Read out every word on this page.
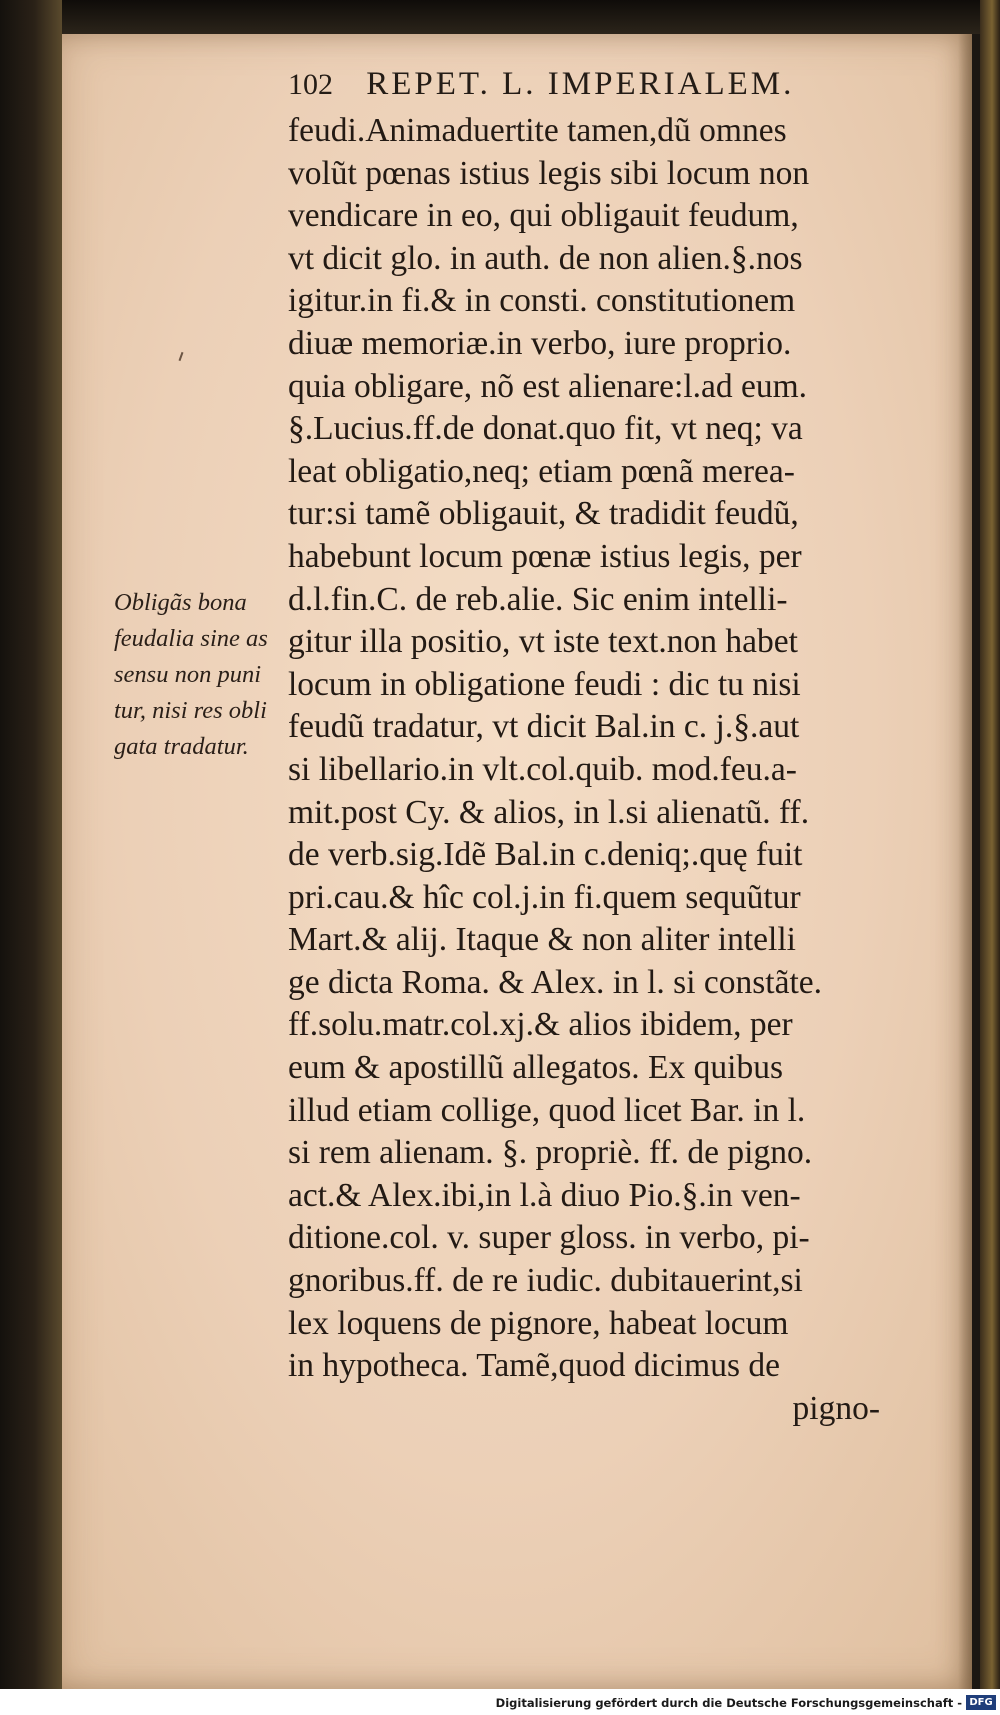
102 REPET. L. IMPERIALEM.
feudi.Animaduertite tamen,dũ omnes
volũt pœnas istius legis sibi locum non
vendicare in eo, qui obligauit feudum,
vt dicit glo. in auth. de non alien.§.nos
igitur.in fi.& in consti. constitutionem
diuæ memoriæ.in verbo, iure proprio.
quia obligare, nõ est alienare:l.ad eum.
§.Lucius.ff.de donat.quo fit, vt neq; va
leat obligatio,neq; etiam pœnã merea-
tur:si tamẽ obligauit, & tradidit feudũ,
habebunt locum pœnæ istius legis, per
d.l.fin.C. de reb.alie. Sic enim intelli-
gitur illa positio, vt iste text.non habet
locum in obligatione feudi : dic tu nisi
feudũ tradatur, vt dicit Bal.in c. j.§.aut
si libellario.in vlt.col.quib. mod.feu.a-
mit.post Cy. & alios, in l.si alienatũ. ff.
de verb.sig.Idẽ Bal.in c.deniq;.quę fuit
pri.cau.& hîc col.j.in fi.quem sequũtur
Mart.& alij. Itaque & non aliter intelli
ge dicta Roma. & Alex. in l. si constãte.
ff.solu.matr.col.xj.& alios ibidem, per
eum & apostillũ allegatos. Ex quibus
illud etiam collige, quod licet Bar. in l.
si rem alienam. §. propriè. ff. de pigno.
act.& Alex.ibi,in l.à diuo Pio.§.in ven-
ditione.col. v. super gloss. in verbo, pi-
gnoribus.ff. de re iudic. dubitauerint,si
lex loquens de pignore, habeat locum
in hypotheca. Tamẽ,quod dicimus de
pigno-
Obligãs bona
feudalia sine as
sensu non puni
tur, nisi res obli
gata tradatur.
Digitalisierung gefördert durch die Deutsche Forschungsgemeinschaft - DFG
